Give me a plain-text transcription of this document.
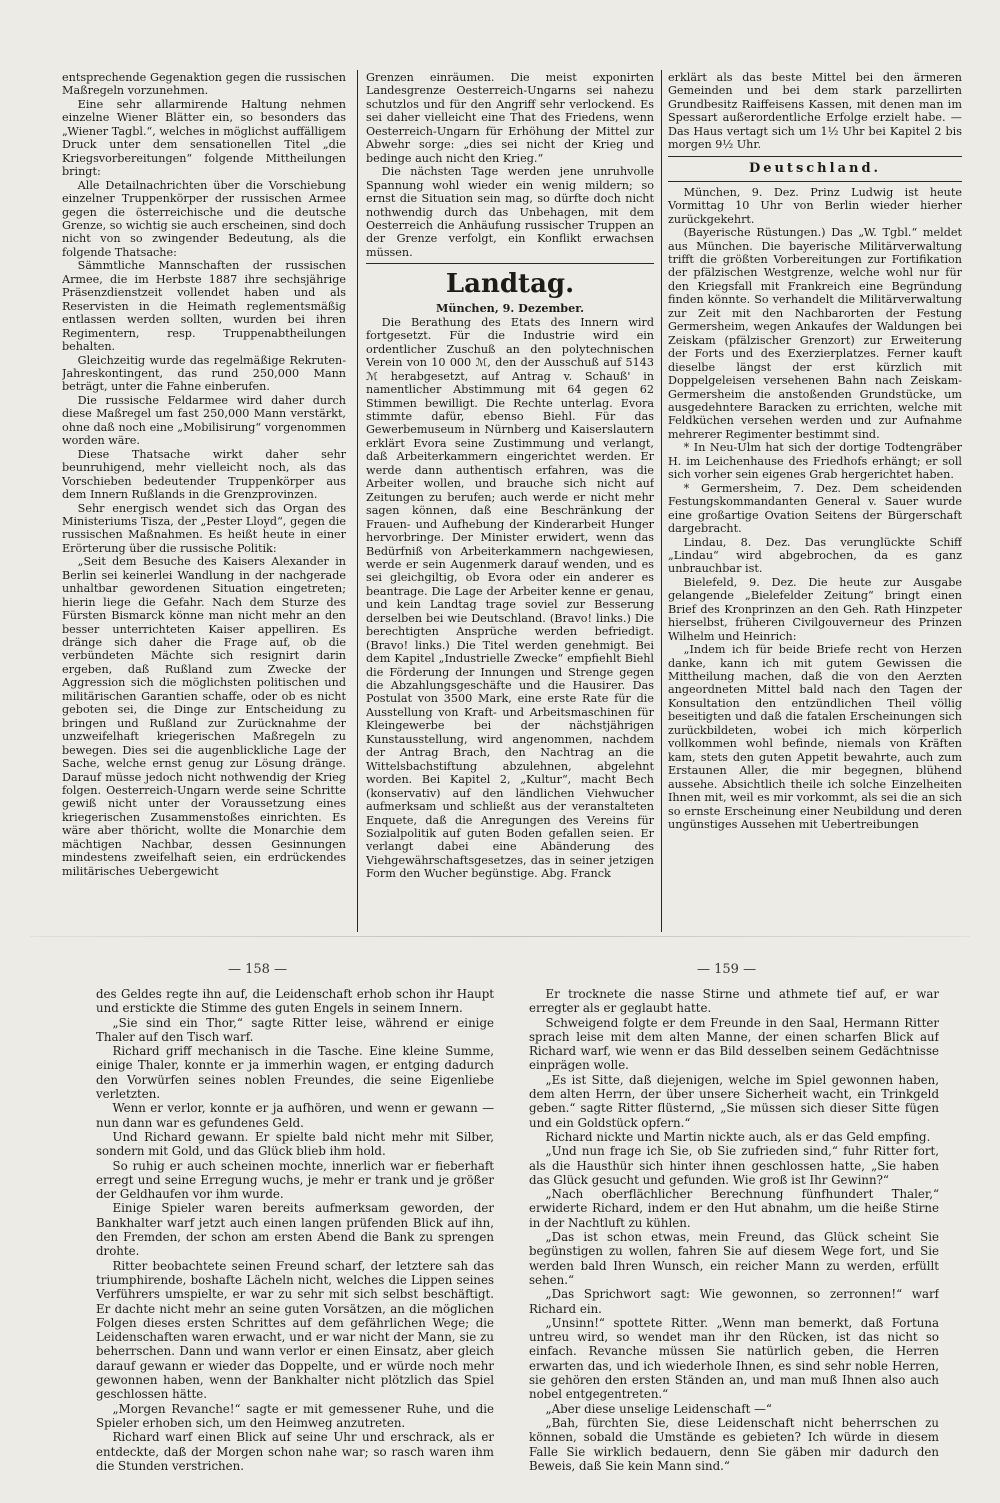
entsprechende Gegenaktion gegen die russischen Maßregeln vorzunehmen.

Eine sehr allarmirende Haltung nehmen einzelne Wiener Blätter ein, so besonders das „Wiener Tagbl.“, welches in möglichst auffälligem Druck unter dem sensationellen Titel „die Kriegsvorbereitungen“ folgende Mittheilungen bringt:

Alle Detailnachrichten über die Vorschiebung einzelner Truppenkörper der russischen Armee gegen die österreichische und die deutsche Grenze, so wichtig sie auch erscheinen, sind doch nicht von so zwingender Bedeutung, als die folgende Thatsache:

Sämmtliche Mannschaften der russischen Armee, die im Herbste 1887 ihre sechsjährige Präsenzdienstzeit vollendet haben und als Reservisten in die Heimath reglementsmäßig entlassen werden sollten, wurden bei ihren Regimentern, resp. Truppenabtheilungen behalten.

Gleichzeitig wurde das regelmäßige Rekruten-Jahreskontingent, das rund 250,000 Mann beträgt, unter die Fahne einberufen.

Die russische Feldarmee wird daher durch diese Maßregel um fast 250,000 Mann verstärkt, ohne daß noch eine „Mobilisirung“ vorgenommen worden wäre.

Diese Thatsache wirkt daher sehr beunruhigend, mehr vielleicht noch, als das Vorschieben bedeutender Truppenkörper aus dem Innern Rußlands in die Grenzprovinzen.

Sehr energisch wendet sich das Organ des Ministeriums Tisza, der „Pester Lloyd“, gegen die russischen Maßnahmen. Es heißt heute in einer Erörterung über die russische Politik:

„Seit dem Besuche des Kaisers Alexander in Berlin sei keinerlei Wandlung in der nachgerade unhaltbar gewordenen Situation eingetreten; hierin liege die Gefahr. Nach dem Sturze des Fürsten Bismarck könne man nicht mehr an den besser unterrichteten Kaiser appelliren. Es dränge sich daher die Frage auf, ob die verbündeten Mächte sich resignirt darin ergeben, daß Rußland zum Zwecke der Aggression sich die möglichsten politischen und militärischen Garantien schaffe, oder ob es nicht geboten sei, die Dinge zur Entscheidung zu bringen und Rußland zur Zurücknahme der unzweifelhaft kriegerischen Maßregeln zu bewegen. Dies sei die augenblickliche Lage der Sache, welche ernst genug zur Lösung dränge. Darauf müsse jedoch nicht nothwendig der Krieg folgen. Oesterreich-Ungarn werde seine Schritte gewiß nicht unter der Voraussetzung eines kriegerischen Zusammenstoßes einrichten. Es wäre aber thöricht, wollte die Monarchie dem mächtigen Nachbar, dessen Gesinnungen mindestens zweifelhaft seien, ein erdrückendes militärisches Uebergewicht

Grenzen einräumen. Die meist exponirten Landesgrenze Oesterreich-Ungarns sei nahezu schutzlos und für den Angriff sehr verlockend. Es sei daher vielleicht eine That des Friedens, wenn Oesterreich-Ungarn für Erhöhung der Mittel zur Abwehr sorge: „dies sei nicht der Krieg und bedinge auch nicht den Krieg.“

Die nächsten Tage werden jene unruhvolle Spannung wohl wieder ein wenig mildern; so ernst die Situation sein mag, so dürfte doch nicht nothwendig durch das Unbehagen, mit dem Oesterreich die Anhäufung russischer Truppen an der Grenze verfolgt, ein Konflikt erwachsen müssen.

Landtag.

München, 9. Dezember.

Die Berathung des Etats des Innern wird fortgesetzt. Für die Industrie wird ein ordentlicher Zuschuß an den polytechnischen Verein von 10 000 ℳ, den der Ausschuß auf 5143 ℳ herabgesetzt, auf Antrag v. Schauß' in namentlicher Abstimmung mit 64 gegen 62 Stimmen bewilligt. Die Rechte unterlag. Evora stimmte dafür, ebenso Biehl. Für das Gewerbemuseum in Nürnberg und Kaiserslautern erklärt Evora seine Zustimmung und verlangt, daß Arbeiterkammern eingerichtet werden. Er werde dann authentisch erfahren, was die Arbeiter wollen, und brauche sich nicht auf Zeitungen zu berufen; auch werde er nicht mehr sagen können, daß eine Beschränkung der Frauen- und Aufhebung der Kinderarbeit Hunger hervorbringe. Der Minister erwidert, wenn das Bedürfniß von Arbeiterkammern nachgewiesen, werde er sein Augenmerk darauf wenden, und es sei gleichgiltig, ob Evora oder ein anderer es beantrage. Die Lage der Arbeiter kenne er genau, und kein Landtag trage soviel zur Besserung derselben bei wie Deutschland. (Bravo! links.) Die berechtigten Ansprüche werden befriedigt. (Bravo! links.) Die Titel werden genehmigt. Bei dem Kapitel „Industrielle Zwecke“ empfiehlt Biehl die Förderung der Innungen und Strenge gegen die Abzahlungsgeschäfte und die Hausirer. Das Postulat von 3500 Mark, eine erste Rate für die Ausstellung von Kraft- und Arbeitsmaschinen für Kleingewerbe bei der nächstjährigen Kunstausstellung, wird angenommen, nachdem der Antrag Brach, den Nachtrag an die Wittelsbachstiftung abzulehnen, abgelehnt worden. Bei Kapitel 2, „Kultur“, macht Bech (konservativ) auf den ländlichen Viehwucher aufmerksam und schließt aus der veranstalteten Enquete, daß die Anregungen des Vereins für Sozialpolitik auf guten Boden gefallen seien. Er verlangt dabei eine Abänderung des Viehgewährschaftsgesetzes, das in seiner jetzigen Form den Wucher begünstige. Abg. Franck

erklärt als das beste Mittel bei den ärmeren Gemeinden und bei dem stark parzellirten Grundbesitz Raiffeisens Kassen, mit denen man im Spessart außerordentliche Erfolge erzielt habe. — Das Haus vertagt sich um 1½ Uhr bei Kapitel 2 bis morgen 9½ Uhr.

Deutschland.

München, 9. Dez. Prinz Ludwig ist heute Vormittag 10 Uhr von Berlin wieder hierher zurückgekehrt.

(Bayerische Rüstungen.) Das „W. Tgbl.“ meldet aus München. Die bayerische Militärverwaltung trifft die größten Vorbereitungen zur Fortifikation der pfälzischen Westgrenze, welche wohl nur für den Kriegsfall mit Frankreich eine Begründung finden könnte. So verhandelt die Militärverwaltung zur Zeit mit den Nachbarorten der Festung Germersheim, wegen Ankaufes der Waldungen bei Zeiskam (pfälzischer Grenzort) zur Erweiterung der Forts und des Exerzierplatzes. Ferner kauft dieselbe längst der erst kürzlich mit Doppelgeleisen versehenen Bahn nach Zeiskam-Germersheim die anstoßenden Grundstücke, um ausgedehntere Baracken zu errichten, welche mit Feldküchen versehen werden und zur Aufnahme mehrerer Regimenter bestimmt sind.

* In Neu-Ulm hat sich der dortige Todtengräber H. im Leichenhause des Friedhofs erhängt; er soll sich vorher sein eigenes Grab hergerichtet haben.

* Germersheim, 7. Dez. Dem scheidenden Festungskommandanten General v. Sauer wurde eine großartige Ovation Seitens der Bürgerschaft dargebracht.

Lindau, 8. Dez. Das verunglückte Schiff „Lindau“ wird abgebrochen, da es ganz unbrauchbar ist.

Bielefeld, 9. Dez. Die heute zur Ausgabe gelangende „Bielefelder Zeitung“ bringt einen Brief des Kronprinzen an den Geh. Rath Hinzpeter hierselbst, früheren Civilgouverneur des Prinzen Wilhelm und Heinrich:

„Indem ich für beide Briefe recht von Herzen danke, kann ich mit gutem Gewissen die Mittheilung machen, daß die von den Aerzten angeordneten Mittel bald nach den Tagen der Konsultation den entzündlichen Theil völlig beseitigten und daß die fatalen Erscheinungen sich zurückbildeten, wobei ich mich körperlich vollkommen wohl befinde, niemals von Kräften kam, stets den guten Appetit bewahrte, auch zum Erstaunen Aller, die mir begegnen, blühend aussehe. Absichtlich theile ich solche Einzelheiten Ihnen mit, weil es mir vorkommt, als sei die an sich so ernste Erscheinung einer Neubildung und deren ungünstiges Aussehen mit Uebertreibungen

— 158 —	— 159 —

des Geldes regte ihn auf, die Leidenschaft erhob schon ihr Haupt und erstickte die Stimme des guten Engels in seinem Innern.

„Sie sind ein Thor,“ sagte Ritter leise, während er einige Thaler auf den Tisch warf.

Richard griff mechanisch in die Tasche. Eine kleine Summe, einige Thaler, konnte er ja immerhin wagen, er entging dadurch den Vorwürfen seines noblen Freundes, die seine Eigenliebe verletzten.

Wenn er verlor, konnte er ja aufhören, und wenn er gewann — nun dann war es gefundenes Geld.

Und Richard gewann. Er spielte bald nicht mehr mit Silber, sondern mit Gold, und das Glück blieb ihm hold.

So ruhig er auch scheinen mochte, innerlich war er fieberhaft erregt und seine Erregung wuchs, je mehr er trank und je größer der Geldhaufen vor ihm wurde.

Einige Spieler waren bereits aufmerksam geworden, der Bankhalter warf jetzt auch einen langen prüfenden Blick auf ihn, den Fremden, der schon am ersten Abend die Bank zu sprengen drohte.

Ritter beobachtete seinen Freund scharf, der letztere sah das triumphirende, boshafte Lächeln nicht, welches die Lippen seines Verführers umspielte, er war zu sehr mit sich selbst beschäftigt. Er dachte nicht mehr an seine guten Vorsätzen, an die möglichen Folgen dieses ersten Schrittes auf dem gefährlichen Wege; die Leidenschaften waren erwacht, und er war nicht der Mann, sie zu beherrschen. Dann und wann verlor er einen Einsatz, aber gleich darauf gewann er wieder das Doppelte, und er würde noch mehr gewonnen haben, wenn der Bankhalter nicht plötzlich das Spiel geschlossen hätte.

„Morgen Revanche!“ sagte er mit gemessener Ruhe, und die Spieler erhoben sich, um den Heimweg anzutreten.

Richard warf einen Blick auf seine Uhr und erschrack, als er entdeckte, daß der Morgen schon nahe war; so rasch waren ihm die Stunden verstrichen.

Er trocknete die nasse Stirne und athmete tief auf, er war erregter als er geglaubt hatte.

Schweigend folgte er dem Freunde in den Saal, Hermann Ritter sprach leise mit dem alten Manne, der einen scharfen Blick auf Richard warf, wie wenn er das Bild desselben seinem Gedächtnisse einprägen wolle.

„Es ist Sitte, daß diejenigen, welche im Spiel gewonnen haben, dem alten Herrn, der über unsere Sicherheit wacht, ein Trinkgeld geben.“ sagte Ritter flüsternd, „Sie müssen sich dieser Sitte fügen und ein Goldstück opfern.“

Richard nickte und Martin nickte auch, als er das Geld empfing.

„Und nun frage ich Sie, ob Sie zufrieden sind,“ fuhr Ritter fort, als die Hausthür sich hinter ihnen geschlossen hatte, „Sie haben das Glück gesucht und gefunden. Wie groß ist Ihr Gewinn?“

„Nach oberflächlicher Berechnung fünfhundert Thaler,“ erwiderte Richard, indem er den Hut abnahm, um die heiße Stirne in der Nachtluft zu kühlen.

„Das ist schon etwas, mein Freund, das Glück scheint Sie begünstigen zu wollen, fahren Sie auf diesem Wege fort, und Sie werden bald Ihren Wunsch, ein reicher Mann zu werden, erfüllt sehen.“

„Das Sprichwort sagt: Wie gewonnen, so zerronnen!“ warf Richard ein.

„Unsinn!“ spottete Ritter. „Wenn man bemerkt, daß Fortuna untreu wird, so wendet man ihr den Rücken, ist das nicht so einfach. Revanche müssen Sie natürlich geben, die Herren erwarten das, und ich wiederhole Ihnen, es sind sehr noble Herren, sie gehören den ersten Ständen an, und man muß Ihnen also auch nobel entgegentreten.“

„Aber diese unselige Leidenschaft —“

„Bah, fürchten Sie, diese Leidenschaft nicht beherrschen zu können, sobald die Umstände es gebieten? Ich würde in diesem Falle Sie wirklich bedauern, denn Sie gäben mir dadurch den Beweis, daß Sie kein Mann sind.“
